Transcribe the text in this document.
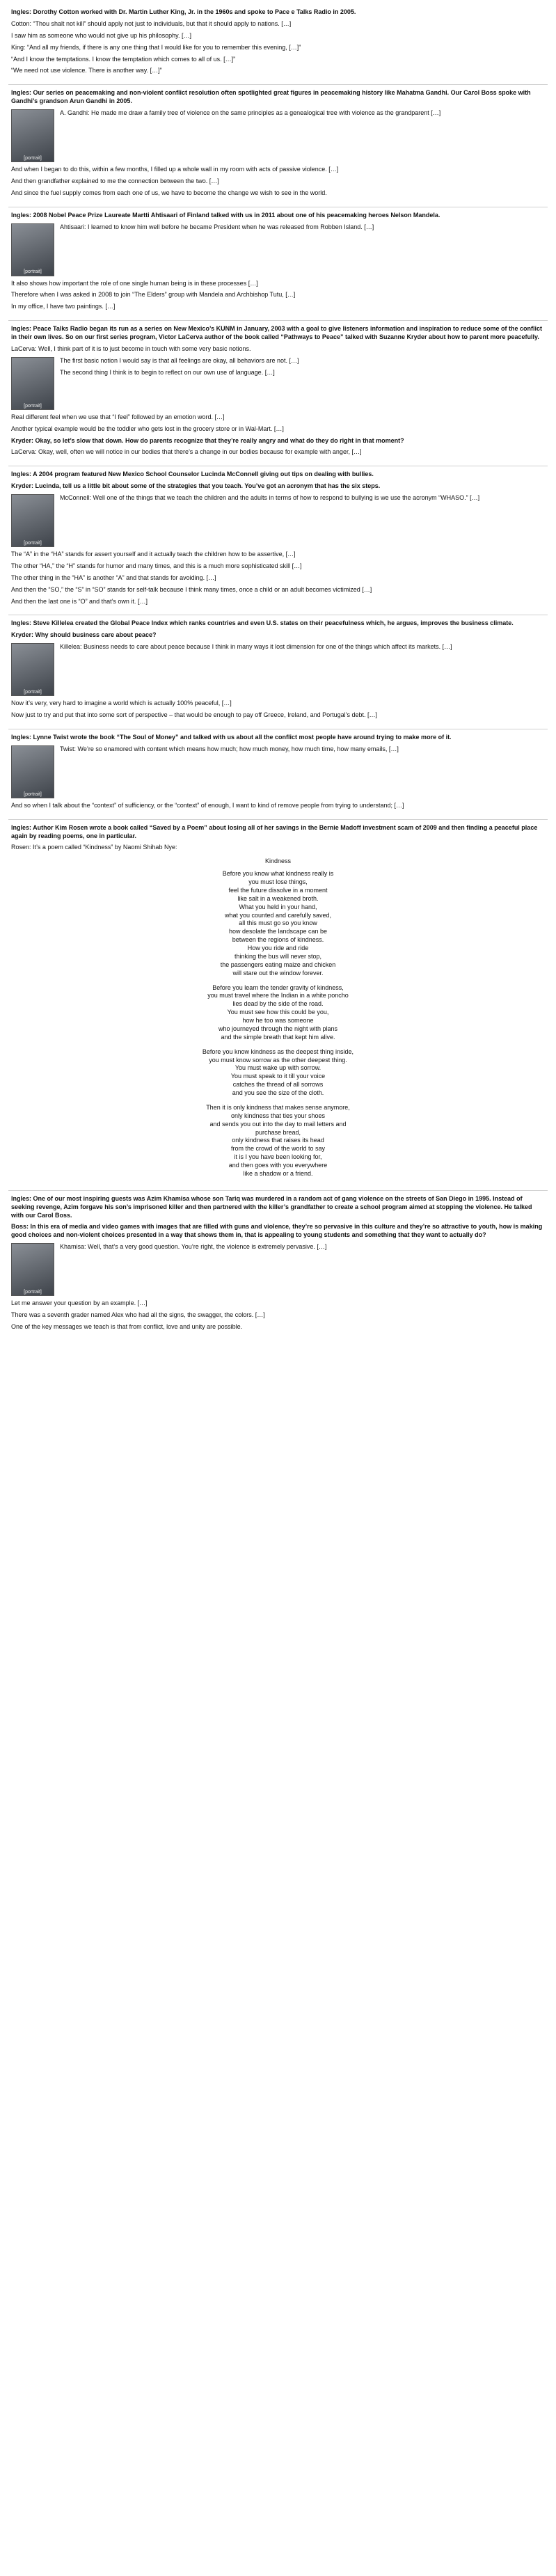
Ingles: Dorothy Cotton worked with Dr. Martin Luther King, Jr. in the 1960s and spoke to Pace e Talks Radio in 2005.

Cotton: “Thou shalt not kill” should apply not just to individuals, but that it should apply to nations. […]

I saw him as someone who would not give up his philosophy. […]

King: “And all my friends, if there is any one thing that I would like for you to remember this evening, […]”

“And I know the temptations. I know the temptation which comes to all of us. […]”

“We need not use violence. There is another way. […]”

Ingles: Our series on peacemaking and non-violent conflict resolution often spotlighted great figures in peacemaking history like Mahatma Gandhi. Our Carol Boss spoke with Gandhi’s grandson Arun Gandhi in 2005.

[portrait]

A. Gandhi: He made me draw a family tree of violence on the same principles as a genealogical tree with violence as the grandparent […]

And when I began to do this, within a few months, I filled up a whole wall in my room with acts of passive violence. […]

And then grandfather explained to me the connection between the two. […]

And since the fuel supply comes from each one of us, we have to become the change we wish to see in the world.

Ingles: 2008 Nobel Peace Prize Laureate Martti Ahtisaari of Finland talked with us in 2011 about one of his peacemaking heroes Nelson Mandela.

[portrait]

Ahtisaari: I learned to know him well before he became President when he was released from Robben Island. […]

It also shows how important the role of one single human being is in these processes […]

Therefore when I was asked in 2008 to join “The Elders” group with Mandela and Archbishop Tutu, […]

In my office, I have two paintings. […]

Ingles: Peace Talks Radio began its run as a series on New Mexico’s KUNM in January, 2003 with a goal to give listeners information and inspiration to reduce some of the conflict in their own lives. So on our first series program, Victor LaCerva author of the book called “Pathways to Peace” talked with Suzanne Kryder about how to parent more peacefully.

LaCerva: Well, I think part of it is to just become in touch with some very basic notions.

[portrait]

The first basic notion I would say is that all feelings are okay, all behaviors are not. […]

The second thing I think is to begin to reflect on our own use of language. […]

Real different feel when we use that “I feel” followed by an emotion word. […]

Another typical example would be the toddler who gets lost in the grocery store or in Wal-Mart. […]

Kryder: Okay, so let’s slow that down. How do parents recognize that they’re really angry and what do they do right in that moment?

LaCerva: Okay, well, often we will notice in our bodies that there’s a change in our bodies because for example with anger, […]

Ingles: A 2004 program featured New Mexico School Counselor Lucinda McConnell giving out tips on dealing with bullies.

Kryder: Lucinda, tell us a little bit about some of the strategies that you teach. You’ve got an acronym that has the six steps.

[portrait]

McConnell: Well one of the things that we teach the children and the adults in terms of how to respond to bullying is we use the acronym “WHASO.” […]

The “A” in the “HA” stands for assert yourself and it actually teach the children how to be assertive, […]

The other “HA,” the “H” stands for humor and many times, and this is a much more sophisticated skill […]

The other thing in the “HA” is another “A” and that stands for avoiding. […]

And then the “SO,” the “S” in “SO” stands for self-talk because I think many times, once a child or an adult becomes victimized […]

And then the last one is “O” and that’s own it. […]

Ingles: Steve Killelea created the Global Peace Index which ranks countries and even U.S. states on their peacefulness which, he argues, improves the business climate.

Kryder: Why should business care about peace?

[portrait]

Killelea: Business needs to care about peace because I think in many ways it lost dimension for one of the things which affect its markets. […]

Now it’s very, very hard to imagine a world which is actually 100% peaceful, […]

Now just to try and put that into some sort of perspective – that would be enough to pay off Greece, Ireland, and Portugal’s debt. […]

Ingles: Lynne Twist wrote the book “The Soul of Money” and talked with us about all the conflict most people have around trying to make more of it.

[portrait]

Twist: We’re so enamored with content which means how much; how much money, how much time, how many emails, […]

And so when I talk about the “context” of sufficiency, or the “context” of enough, I want to kind of remove people from trying to understand; […]

Ingles: Author Kim Rosen wrote a book called “Saved by a Poem” about losing all of her savings in the Bernie Madoff investment scam of 2009 and then finding a peaceful place again by reading poems, one in particular.

Rosen: It’s a poem called “Kindness” by Naomi Shihab Nye:

Kindness
Before you know what kindness really is
you must lose things,
feel the future dissolve in a moment
like salt in a weakened broth.
What you held in your hand,
what you counted and carefully saved,
all this must go so you know
how desolate the landscape can be
between the regions of kindness.
How you ride and ride
thinking the bus will never stop,
the passengers eating maize and chicken
will stare out the window forever.
Before you learn the tender gravity of kindness,
you must travel where the Indian in a white poncho
lies dead by the side of the road.
You must see how this could be you,
how he too was someone
who journeyed through the night with plans
and the simple breath that kept him alive.
Before you know kindness as the deepest thing inside,
you must know sorrow as the other deepest thing.
You must wake up with sorrow.
You must speak to it till your voice
catches the thread of all sorrows
and you see the size of the cloth.
Then it is only kindness that makes sense anymore,
only kindness that ties your shoes
and sends you out into the day to mail letters and
purchase bread,
only kindness that raises its head
from the crowd of the world to say
it is I you have been looking for,
and then goes with you everywhere
like a shadow or a friend.

Ingles: One of our most inspiring guests was Azim Khamisa whose son Tariq was murdered in a random act of gang violence on the streets of San Diego in 1995. Instead of seeking revenge, Azim forgave his son’s imprisoned killer and then partnered with the killer’s grandfather to create a school program aimed at stopping the violence. He talked with our Carol Boss.

Boss: In this era of media and video games with images that are filled with guns and violence, they’re so pervasive in this culture and they’re so attractive to youth, how is making good choices and non-violent choices presented in a way that shows them in, that is appealing to young students and something that they want to actually do?

[portrait]

Khamisa: Well, that’s a very good question. You’re right, the violence is extremely pervasive. […]

Let me answer your question by an example. […]

There was a seventh grader named Alex who had all the signs, the swagger, the colors. […]

One of the key messages we teach is that from conflict, love and unity are possible.
